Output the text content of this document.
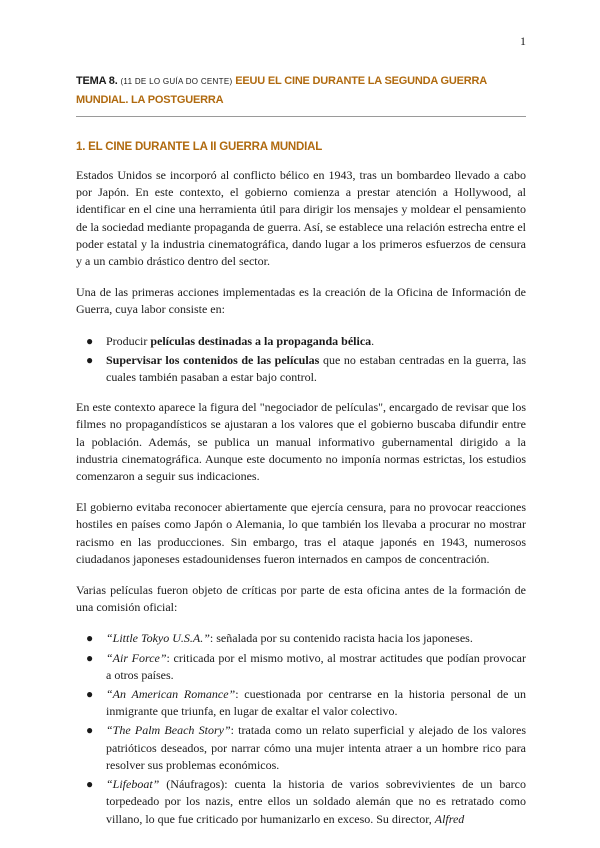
1
TEMA 8. (11 DE LO GUÍA DO CENTE) EEUU EL CINE DURANTE LA SEGUNDA GUERRA MUNDIAL. LA POSTGUERRA
1. EL CINE DURANTE LA II GUERRA MUNDIAL

Estados Unidos se incorporó al conflicto bélico en 1943, tras un bombardeo llevado a cabo por Japón. En este contexto, el gobierno comienza a prestar atención a Hollywood, al identificar en el cine una herramienta útil para dirigir los mensajes y moldear el pensamiento de la sociedad mediante propaganda de guerra. Así, se establece una relación estrecha entre el poder estatal y la industria cinematográfica, dando lugar a los primeros esfuerzos de censura y a un cambio drástico dentro del sector.

Una de las primeras acciones implementadas es la creación de la Oficina de Información de Guerra, cuya labor consiste en:

● Producir películas destinadas a la propaganda bélica.
● Supervisar los contenidos de las películas que no estaban centradas en la guerra, las cuales también pasaban a estar bajo control.

En este contexto aparece la figura del "negociador de películas", encargado de revisar que los filmes no propagandísticos se ajustaran a los valores que el gobierno buscaba difundir entre la población. Además, se publica un manual informativo gubernamental dirigido a la industria cinematográfica. Aunque este documento no imponía normas estrictas, los estudios comenzaron a seguir sus indicaciones.

El gobierno evitaba reconocer abiertamente que ejercía censura, para no provocar reacciones hostiles en países como Japón o Alemania, lo que también los llevaba a procurar no mostrar racismo en las producciones. Sin embargo, tras el ataque japonés en 1943, numerosos ciudadanos japoneses estadounidenses fueron internados en campos de concentración.

Varias películas fueron objeto de críticas por parte de esta oficina antes de la formación de una comisión oficial:

● “Little Tokyo U.S.A.”: señalada por su contenido racista hacia los japoneses.
● “Air Force”: criticada por el mismo motivo, al mostrar actitudes que podían provocar a otros países.
● “An American Romance”: cuestionada por centrarse en la historia personal de un inmigrante que triunfa, en lugar de exaltar el valor colectivo.
● “The Palm Beach Story”: tratada como un relato superficial y alejado de los valores patrióticos deseados, por narrar cómo una mujer intenta atraer a un hombre rico para resolver sus problemas económicos.
● “Lifeboat” (Náufragos): cuenta la historia de varios sobrevivientes de un barco torpedeado por los nazis, entre ellos un soldado alemán que no es retratado como villano, lo que fue criticado por humanizarlo en exceso. Su director, Alfred
